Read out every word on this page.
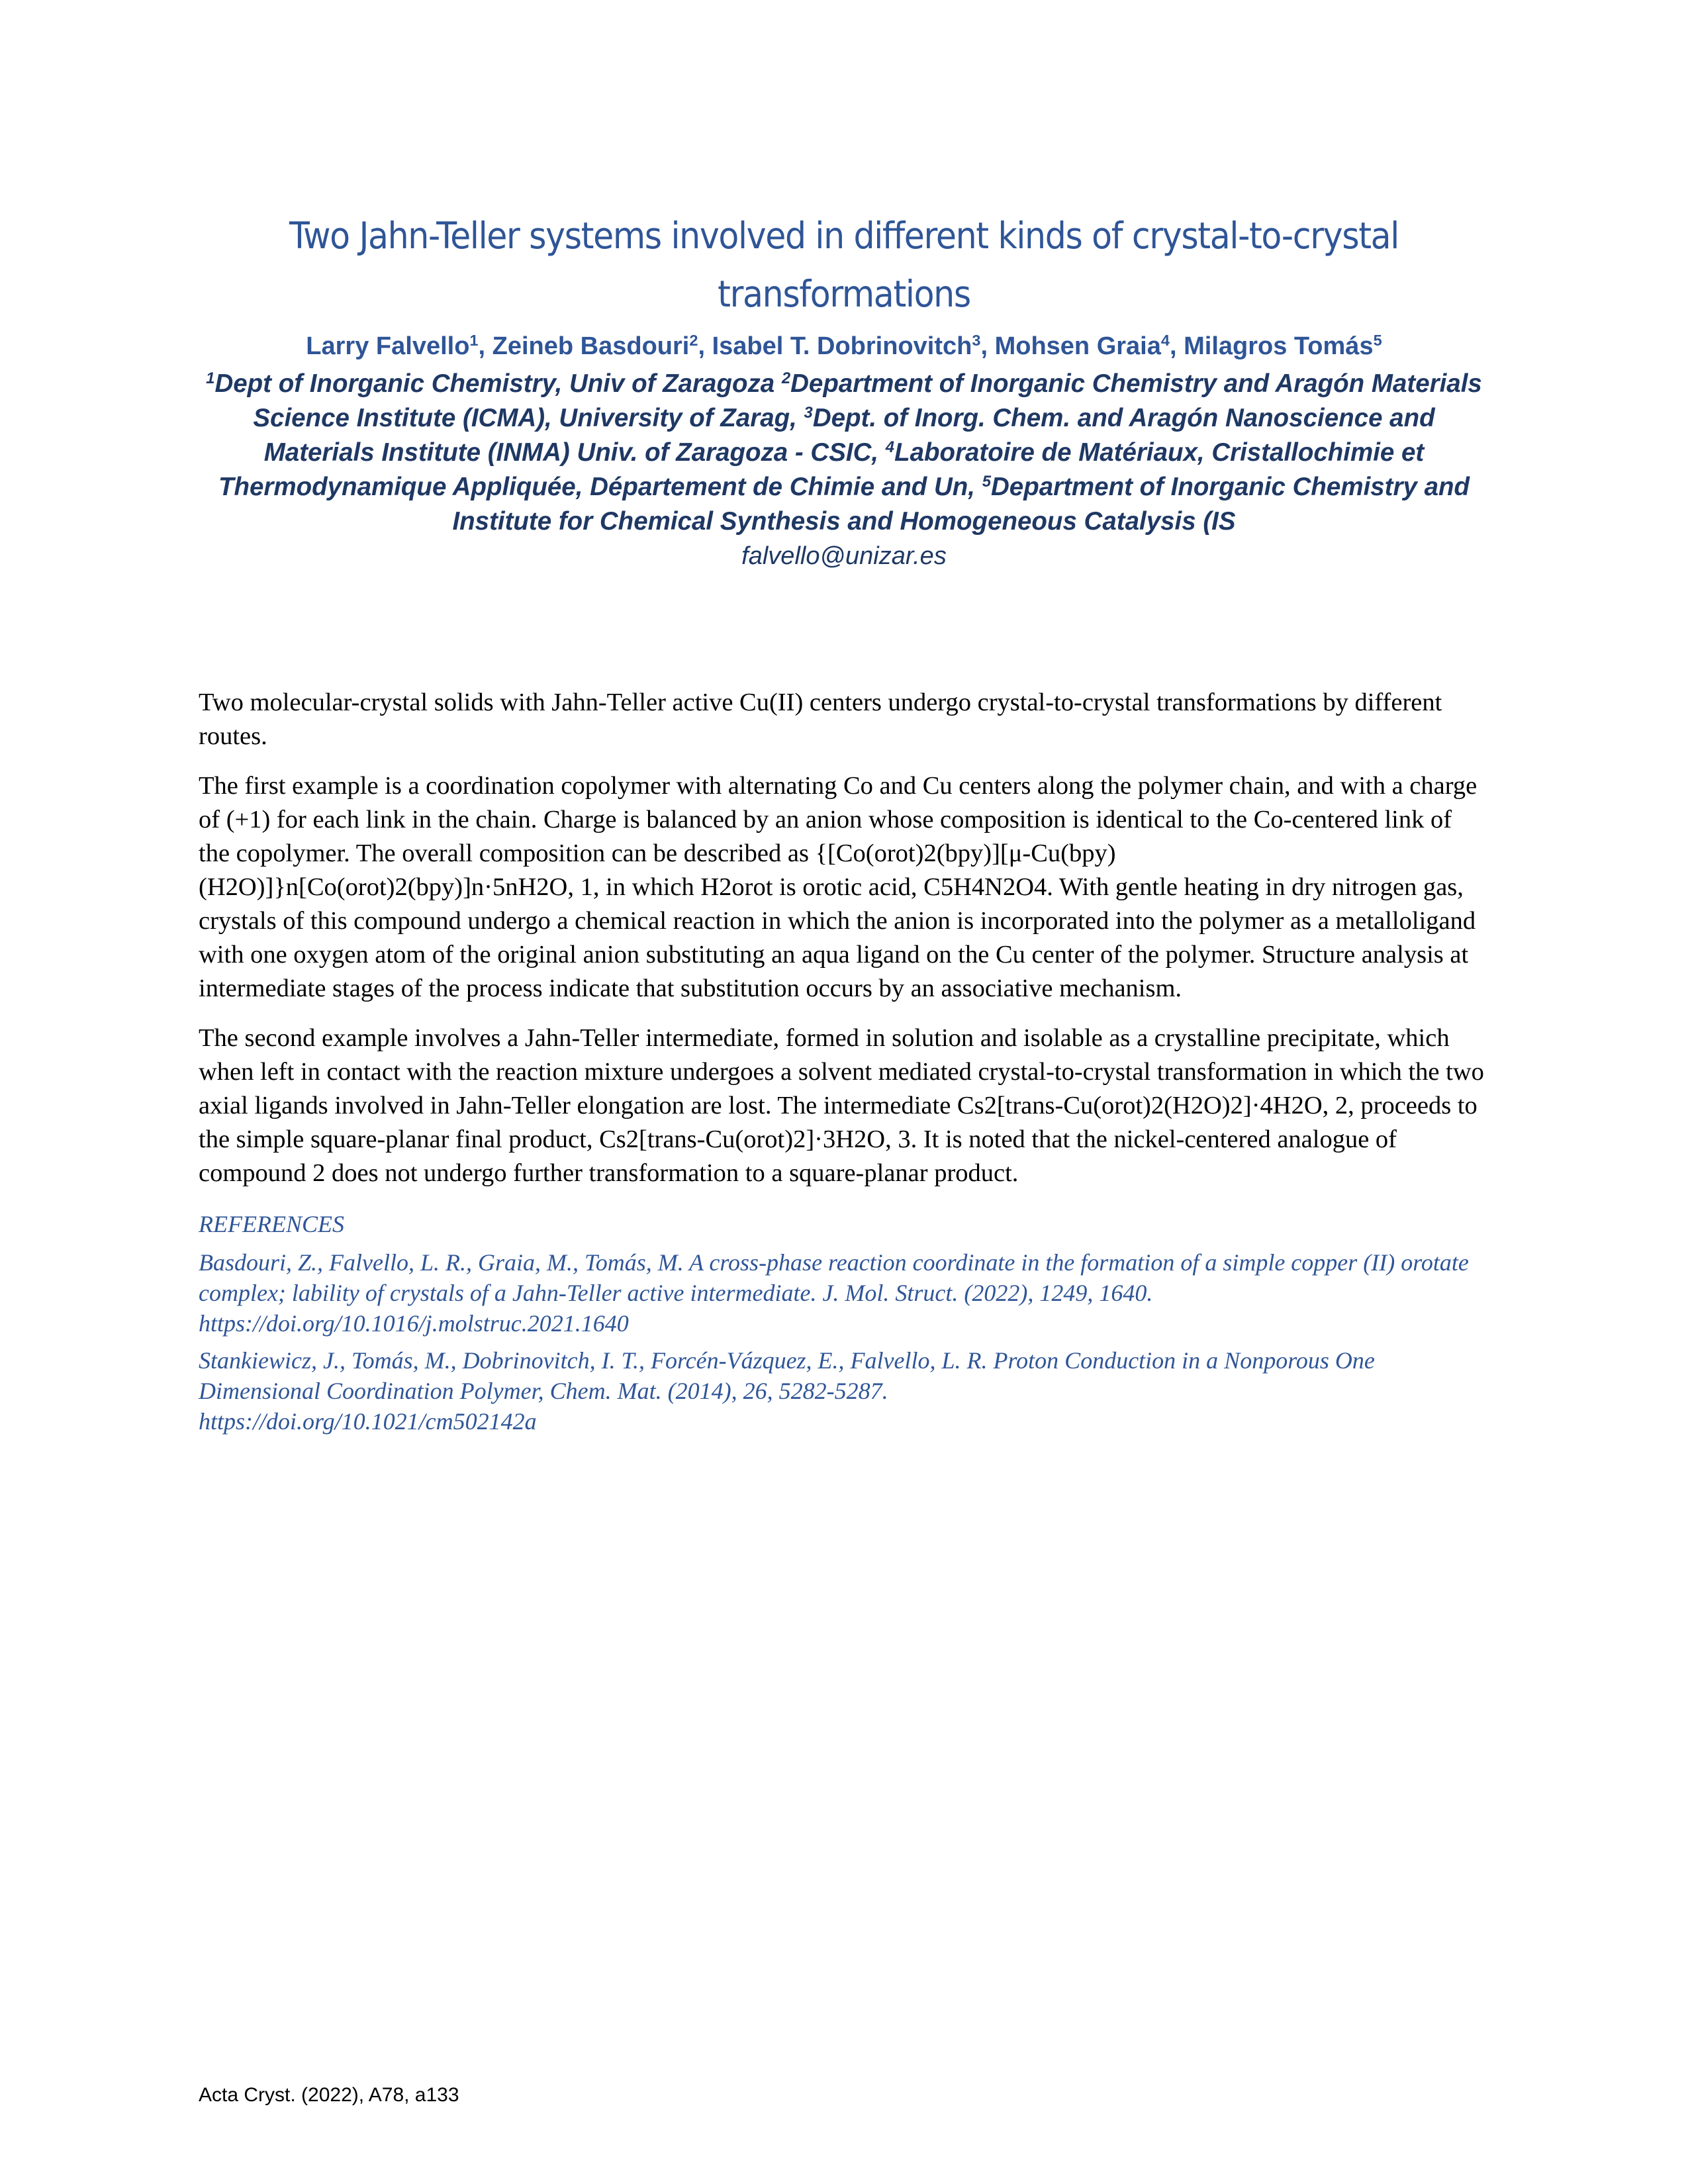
Two Jahn-Teller systems involved in different kinds of crystal-to-crystal transformations

Larry Falvello$^1$, Zeineb Basdouri$^2$, Isabel T. Dobrinovitch$^3$, Mohsen Graia$^4$, Milagros Tomás$^5$

$^1$Dept of Inorganic Chemistry, Univ of Zaragoza $^2$Department of Inorganic Chemistry and Aragón Materials Science Institute (ICMA), University of Zarag, $^3$Dept. of Inorg. Chem. and Aragón Nanoscience and Materials Institute (INMA) Univ. of Zaragoza - CSIC, $^4$Laboratoire de Matériaux, Cristallochimie et Thermodynamique Appliquée, Département de Chimie and Un, $^5$Department of Inorganic Chemistry and Institute for Chemical Synthesis and Homogeneous Catalysis (IS

falvello@unizar.es

Two molecular-crystal solids with Jahn-Teller active Cu(II) centers undergo crystal-to-crystal transformations by different routes.

The first example is a coordination copolymer with alternating Co and Cu centers along the polymer chain, and with a charge of (+1) for each link in the chain. Charge is balanced by an anion whose composition is identical to the Co-centered link of the copolymer. The overall composition can be described as {[Co(orot)2(bpy)][μ-Cu(bpy)(H2O)]}n[Co(orot)2(bpy)]n·5nH2O, 1, in which H2orot is orotic acid, C5H4N2O4. With gentle heating in dry nitrogen gas, crystals of this compound undergo a chemical reaction in which the anion is incorporated into the polymer as a metalloligand with one oxygen atom of the original anion substituting an aqua ligand on the Cu center of the polymer. Structure analysis at intermediate stages of the process indicate that substitution occurs by an associative mechanism.

The second example involves a Jahn-Teller intermediate, formed in solution and isolable as a crystalline precipitate, which when left in contact with the reaction mixture undergoes a solvent mediated crystal-to-crystal transformation in which the two axial ligands involved in Jahn-Teller elongation are lost. The intermediate Cs2[trans-Cu(orot)2(H2O)2]·4H2O, 2, proceeds to the simple square-planar final product, Cs2[trans-Cu(orot)2]·3H2O, 3. It is noted that the nickel-centered analogue of compound 2 does not undergo further transformation to a square-planar product.

REFERENCES
Basdouri, Z., Falvello, L. R., Graia, M., Tomás, M. A cross-phase reaction coordinate in the formation of a simple copper (II) orotate complex; lability of crystals of a Jahn-Teller active intermediate. J. Mol. Struct. (2022), 1249, 1640. https://doi.org/10.1016/j.molstruc.2021.1640
Stankiewicz, J., Tomás, M., Dobrinovitch, I. T., Forcén-Vázquez, E., Falvello, L. R. Proton Conduction in a Nonporous One Dimensional Coordination Polymer, Chem. Mat. (2014), 26, 5282-5287.
https://doi.org/10.1021/cm502142a
Acta Cryst. (2022), A78, a133
